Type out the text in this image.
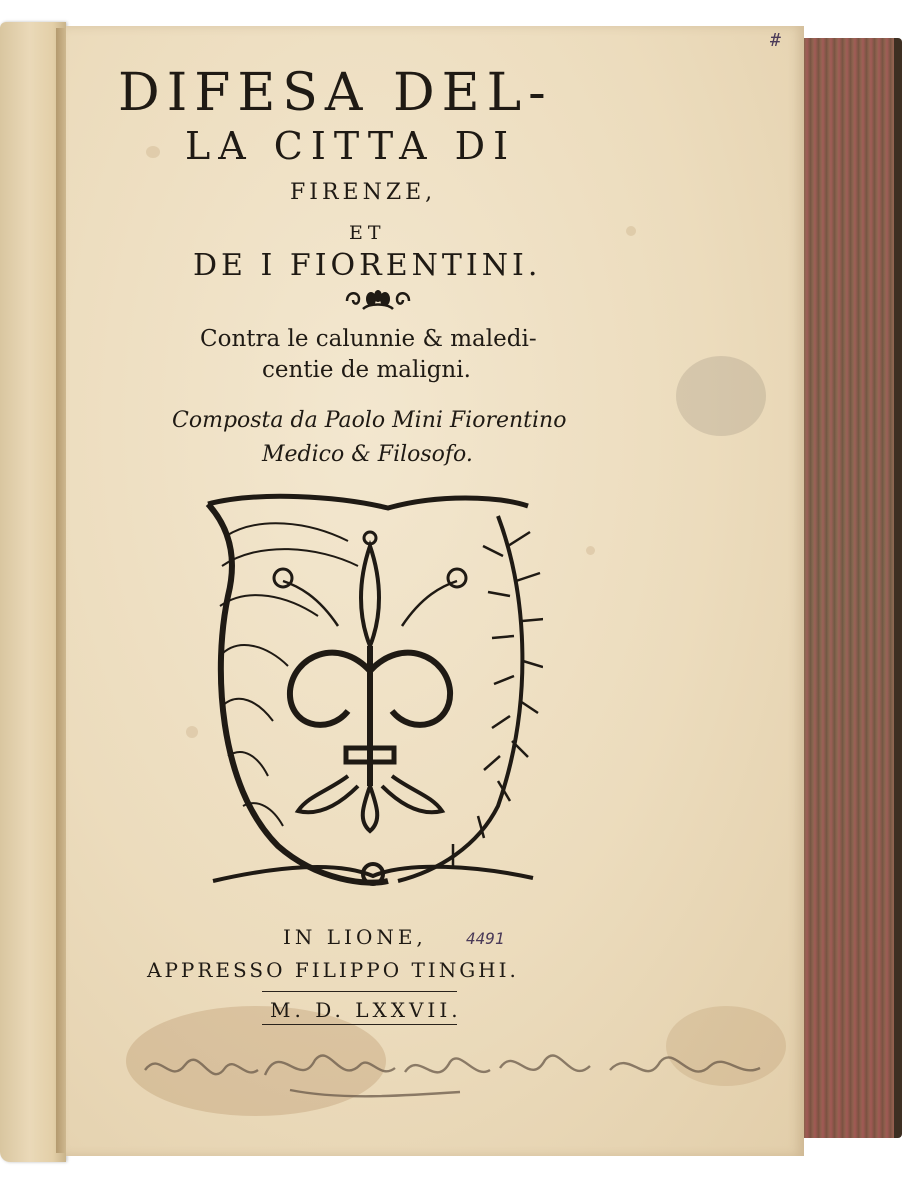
#
DIFESA DEL-
LA CITTA DI
FIRENZE,
ET
DE I FIORENTINI.
Contra le calunnie & maledi-
centie de maligni.
Composta da Paolo Mini Fiorentino
Medico & Filosofo.
IN LIONE, 4491
APPRESSO FILIPPO TINGHI.
M. D. LXXVII.
